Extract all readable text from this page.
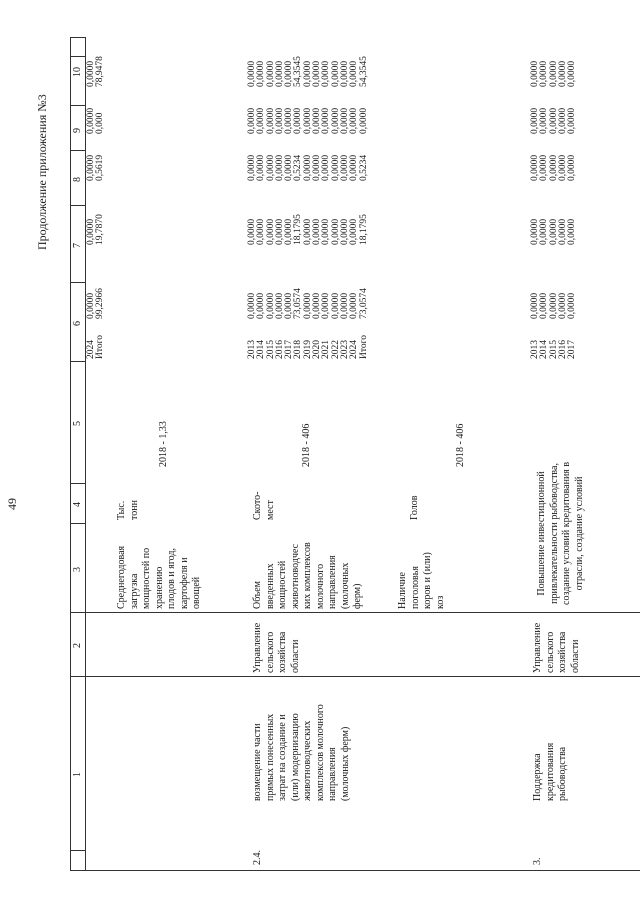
49
Продолжение приложения №3
1
2
3
4
5
6
7
8
9
10
Среднегодовая
загрузка
мощностей по
хранению
плодов и ягод,
картофеля и
овощей
Тыс.
тонн
2018 - 1,33
2024
Итого
0,0000
99,2966
0,0000
19,7870
0,0000
0,5619
0,0000
0,000
0,0000
78,9478
2.4.
возмещение части
прямых понесенных
затрат на создание и
(или) модернизацию
животноводческих
комплексов молочного
направления
(молочных ферм)
Управление
сельского
хозяйства
области
Объем
введенных
мощностей
животноводчес
ких комплексов
молочного
направления
(молочных
ферм)
Ското-
мест
2018 - 406
Наличие
поголовья
коров и (или)
коз
Голов
2018 - 406
2013
2014
2015
2016
2017
2018
2019
2020
2021
2022
2023
2024
Итого
0,0000
0,0000
0,0000
0,0000
0,0000
73,0574
0,0000
0,0000
0,0000
0,0000
0,0000
0,0000
73,0574
0,0000
0,0000
0,0000
0,0000
0,0000
18,1795
0,0000
0,0000
0,0000
0,0000
0,0000
0,0000
18,1795
0,0000
0,0000
0,0000
0,0000
0,0000
0,5234
0,0000
0,0000
0,0000
0,0000
0,0000
0,0000
0,5234
0,0000
0,0000
0,0000
0,0000
0,0000
0,0000
0,0000
0,0000
0,0000
0,0000
0,0000
0,0000
0,0000
0,0000
0,0000
0,0000
0,0000
0,0000
54,3545
0,0000
0,0000
0,0000
0,0000
0,0000
0,0000
54,3545
3.
Поддержка
кредитования
рыбоводства
Управление
сельского
хозяйства
области
Повышение инвестиционной
привлекательности рыбоводства,
создание условий кредитования в
отрасли, создание условий
2013
2014
2015
2016
2017
0,0000
0,0000
0,0000
0,0000
0,0000
0,0000
0,0000
0,0000
0,0000
0,0000
0,0000
0,0000
0,0000
0,0000
0,0000
0,0000
0,0000
0,0000
0,0000
0,0000
0,0000
0,0000
0,0000
0,0000
0,0000
